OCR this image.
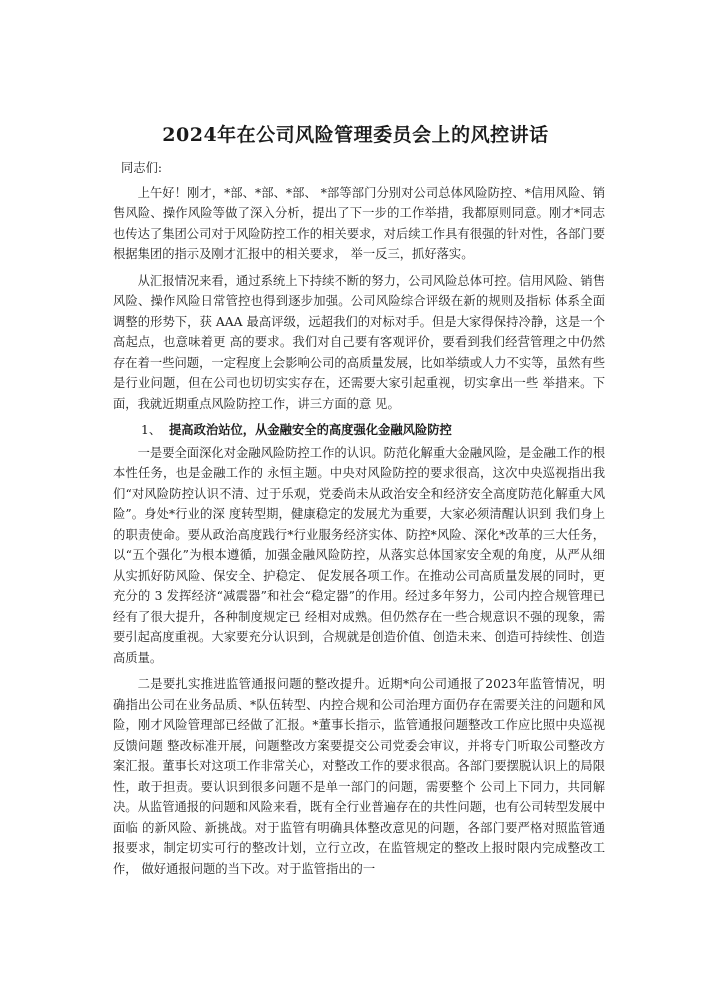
2024年在公司风险管理委员会上的风控讲话

同志们:

上午好！刚才，*部、*部、*部、 *部等部门分别对公司总体风险防控、*信用风险、销售风险、操作风险等做了深入分析，提出了下一步的工作举措，我都原则同意。刚才*同志也传达了集团公司对于风险防控工作的相关要求，对后续工作具有很强的针对性，各部门要根据集团的指示及刚才汇报中的相关要求， 举一反三，抓好落实。

从汇报情况来看，通过系统上下持续不断的努力，公司风险总体可控。信用风险、销售风险、操作风险日常管控也得到逐步加强。公司风险综合评级在新的规则及指标 体系全面调整的形势下，获 AAA 最高评级，远超我们的对标对手。但是大家得保持冷静，这是一个高起点，也意味着更 高的要求。我们对自己要有客观评价，要看到我们经营管理之中仍然存在着一些问题，一定程度上会影响公司的高质量发展，比如举绩或人力不实等，虽然有些是行业问题，但在公司也切切实实存在，还需要大家引起重视，切实拿出一些 举措来。下面，我就近期重点风险防控工作，讲三方面的意 见。

1、 提高政治站位，从金融安全的高度强化金融风险防控

一是要全面深化对金融风险防控工作的认识。防范化解重大金融风险，是金融工作的根本性任务，也是金融工作的 永恒主题。中央对风险防控的要求很高，这次中央巡视指出我们“对风险防控认识不清、过于乐观，党委尚未从政治安全和经济安全高度防范化解重大风险”。身处*行业的深 度转型期，健康稳定的发展尤为重要，大家必须清醒认识到 我们身上的职责使命。要从政治高度践行*行业服务经济实体、防控*风险、深化*改革的三大任务，以“五个强化”为根本遵循，加强金融风险防控，从落实总体国家安全观的角度，从严从细从实抓好防风险、保安全、护稳定、 促发展各项工作。在推动公司高质量发展的同时，更充分的 3 发挥经济“减震器”和社会“稳定器”的作用。经过多年努力，公司内控合规管理已经有了很大提升，各种制度规定已 经相对成熟。但仍然存在一些合规意识不强的现象，需要引起高度重视。大家要充分认识到，合规就是创造价值、创造未来、创造可持续性、创造高质量。

二是要扎实推进监管通报问题的整改提升。近期*向公司通报了2023年监管情况，明确指出公司在业务品质、*队伍转型、内控合规和公司治理方面仍存在需要关注的问题和风险，刚才风险管理部已经做了汇报。*董事长指示，监管通报问题整改工作应比照中央巡视反馈问题 整改标准开展，问题整改方案要提交公司党委会审议，并将专门听取公司整改方案汇报。董事长对这项工作非常关心，对整改工作的要求很高。各部门要摆脱认识上的局限性，敢于担责。要认识到很多问题不是单一部门的问题，需要整个 公司上下同力，共同解决。从监管通报的问题和风险来看，既有全行业普遍存在的共性问题，也有公司转型发展中面临 的新风险、新挑战。对于监管有明确具体整改意见的问题，各部门要严格对照监管通报要求，制定切实可行的整改计划，立行立改，在监管规定的整改上报时限内完成整改工作， 做好通报问题的当下改。对于监管指出的一
